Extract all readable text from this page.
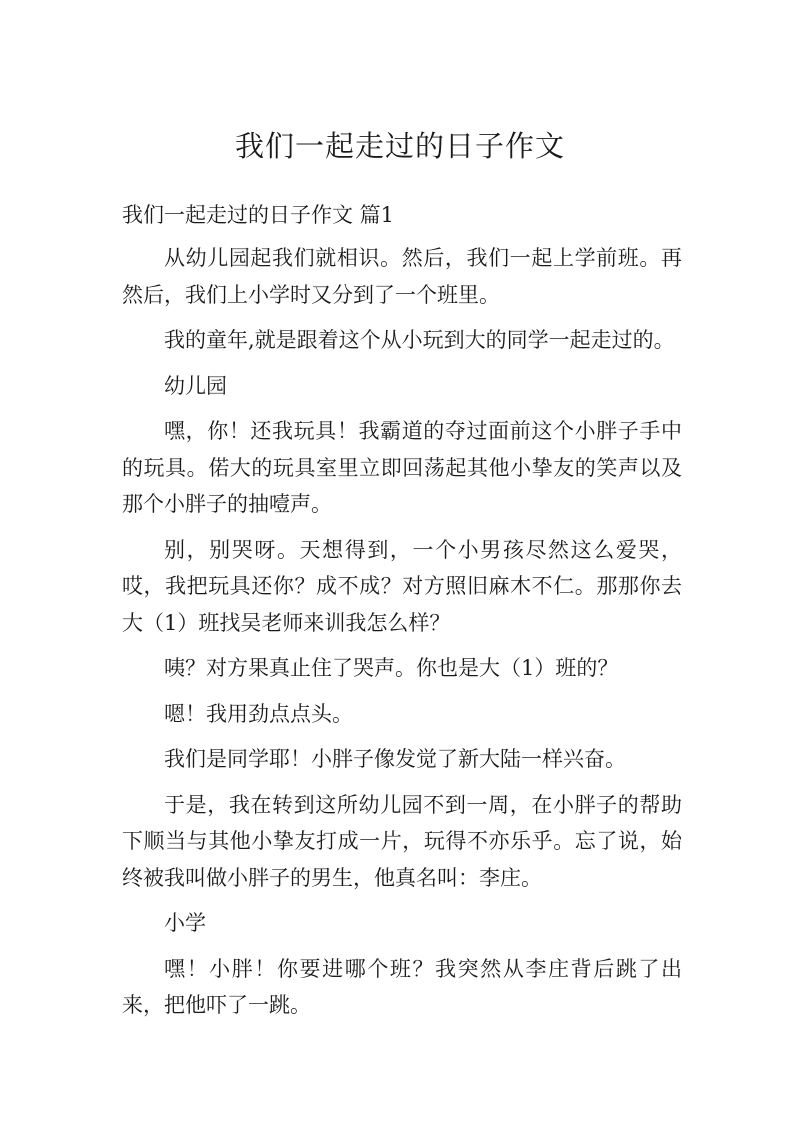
我们一起走过的日子作文
我们一起走过的日子作文 篇1

从幼儿园起我们就相识。然后，我们一起上学前班。再然后，我们上小学时又分到了一个班里。

我的童年,就是跟着这个从小玩到大的同学一起走过的。

幼儿园

嘿，你！还我玩具！我霸道的夺过面前这个小胖子手中的玩具。偌大的玩具室里立即回荡起其他小挚友的笑声以及那个小胖子的抽噎声。

别，别哭呀。天想得到，一个小男孩尽然这么爱哭，哎，我把玩具还你？成不成？对方照旧麻木不仁。那那你去大（1）班找吴老师来训我怎么样？

咦？对方果真止住了哭声。你也是大（1）班的？

嗯！我用劲点点头。

我们是同学耶！小胖子像发觉了新大陆一样兴奋。

于是，我在转到这所幼儿园不到一周，在小胖子的帮助下顺当与其他小挚友打成一片，玩得不亦乐乎。忘了说，始终被我叫做小胖子的男生，他真名叫：李庄。

小学

嘿！小胖！你要进哪个班？我突然从李庄背后跳了出来，把他吓了一跳。
